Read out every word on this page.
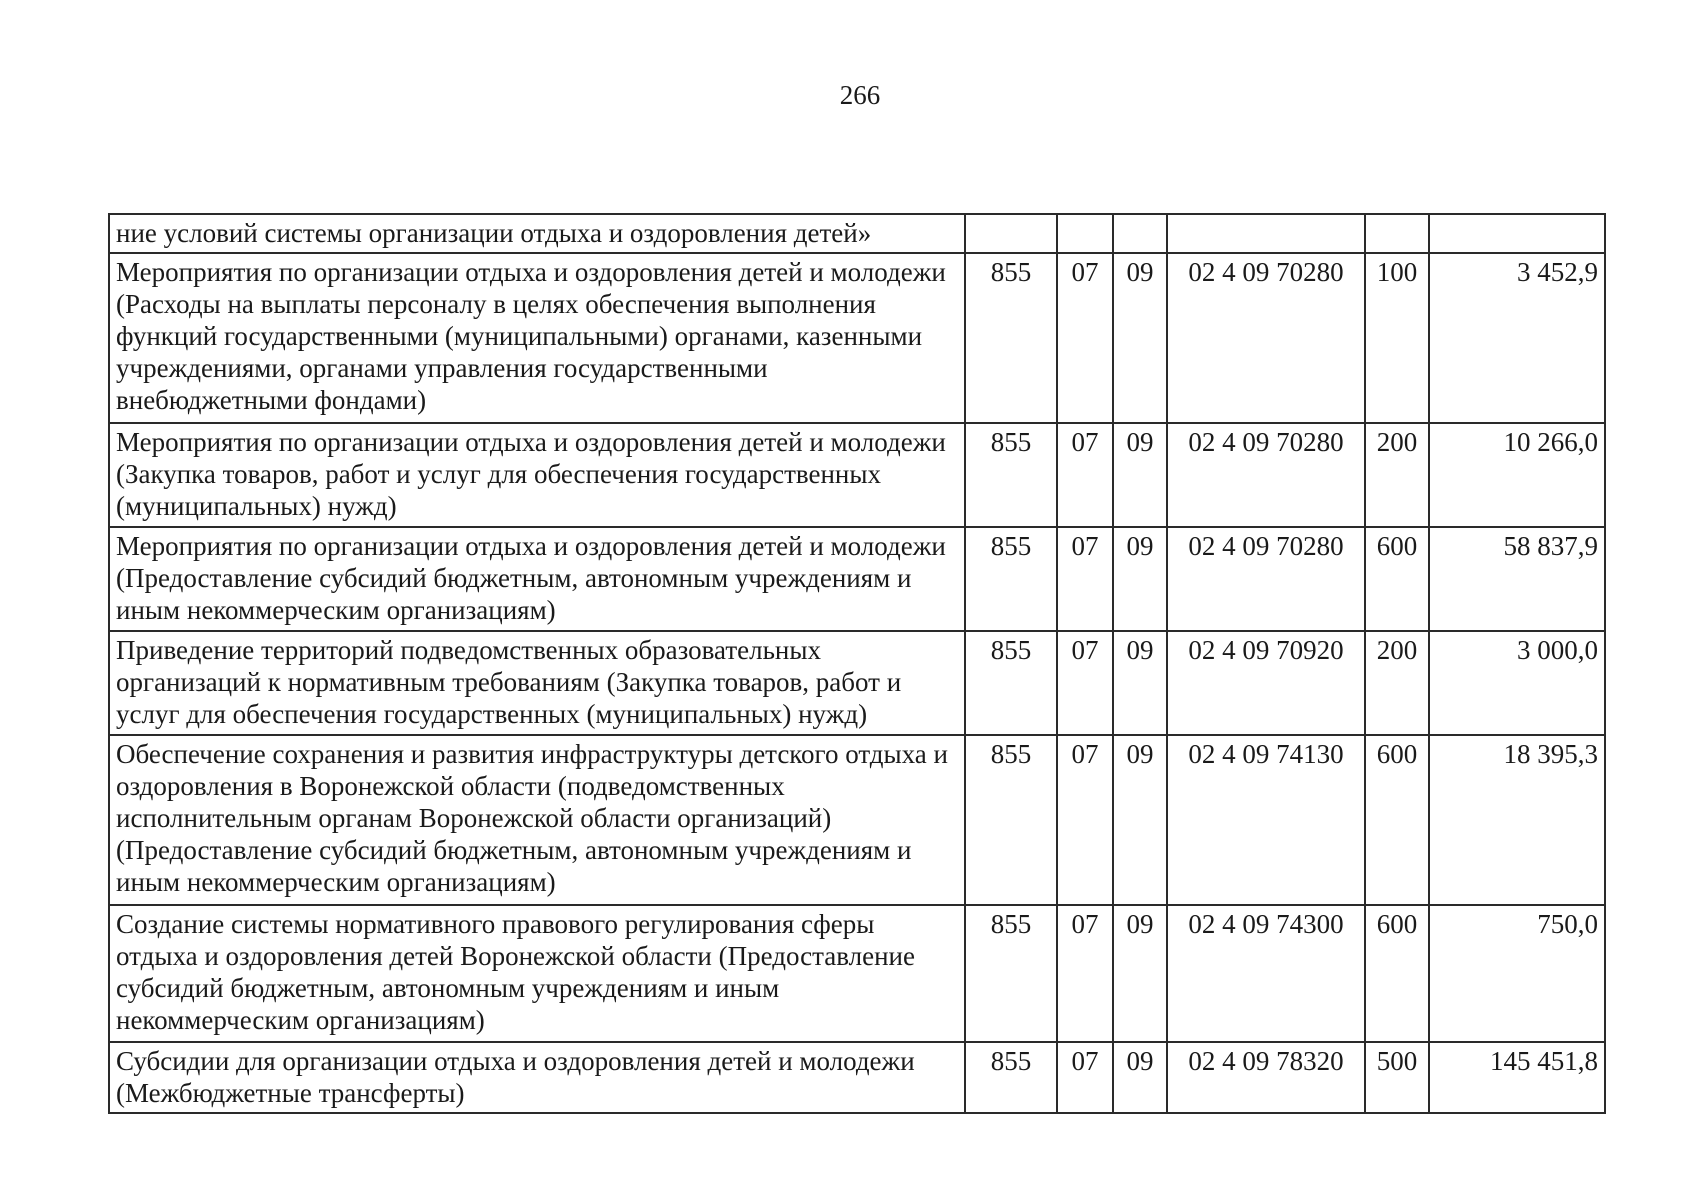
266
ние условий системы организации отдыха и оздоровления детей»						
Мероприятия по организации отдыха и оздоровления детей и молодежи (Расходы на выплаты персоналу в целях обеспечения выполнения функций государственными (муниципальными) органами, казенными учреждениями, органами управления государственными внебюджетными фондами)	855	07	09	02 4 09 70280	100	3 452,9
Мероприятия по организации отдыха и оздоровления детей и молодежи (Закупка товаров, работ и услуг для обеспечения государственных (муниципальных) нужд)	855	07	09	02 4 09 70280	200	10 266,0
Мероприятия по организации отдыха и оздоровления детей и молодежи (Предоставление субсидий бюджетным, автономным учреждениям и иным некоммерческим организациям)	855	07	09	02 4 09 70280	600	58 837,9
Приведение территорий подведомственных образовательных организаций к нормативным требованиям (Закупка товаров, работ и услуг для обеспечения государственных (муниципальных) нужд)	855	07	09	02 4 09 70920	200	3 000,0
Обеспечение сохранения и развития инфраструктуры детского отдыха и оздоровления в Воронежской области (подведомственных исполнительным органам Воронежской области организаций) (Предоставление субсидий бюджетным, автономным учреждениям и иным некоммерческим организациям)	855	07	09	02 4 09 74130	600	18 395,3
Создание системы нормативного правового регулирования сферы отдыха и оздоровления детей Воронежской области (Предоставление субсидий бюджетным, автономным учреждениям и иным некоммерческим организациям)	855	07	09	02 4 09 74300	600	750,0
Субсидии для организации отдыха и оздоровления детей и молодежи (Межбюджетные трансферты)	855	07	09	02 4 09 78320	500	145 451,8
